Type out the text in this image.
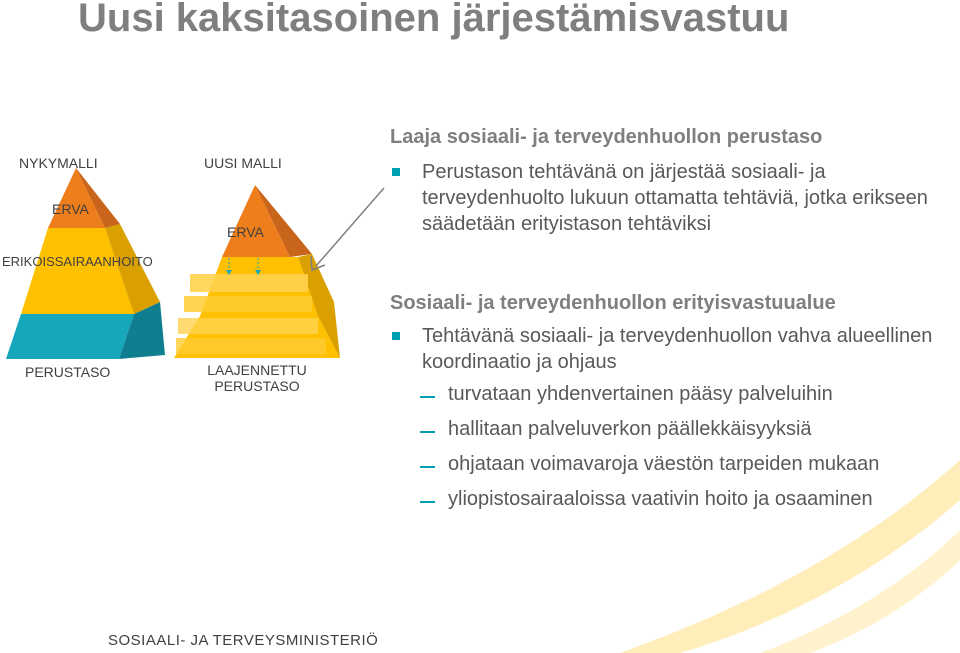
Uusi kaksitasoinen järjestämisvastuu
NYKYMALLI
ERVA
ERIKOISSAIRAANHOITO
PERUSTASO
UUSI MALLI
ERVA
LAAJENNETTU
PERUSTASO
Laaja sosiaali- ja terveydenhuollon perustaso
Perustason tehtävänä on järjestää sosiaali- ja terveydenhuolto lukuun ottamatta tehtäviä, jotka erikseen säädetään erityistason tehtäviksi
Sosiaali- ja terveydenhuollon erityisvastuualue
Tehtävänä sosiaali- ja terveydenhuollon vahva alueellinen koordinaatio ja ohjaus
turvataan yhdenvertainen pääsy palveluihin
hallitaan palveluverkon päällekkäisyyksiä
ohjataan voimavaroja väestön tarpeiden mukaan
yliopistosairaaloissa vaativin hoito ja osaaminen
SOSIAALI- JA TERVEYSMINISTERIÖ
